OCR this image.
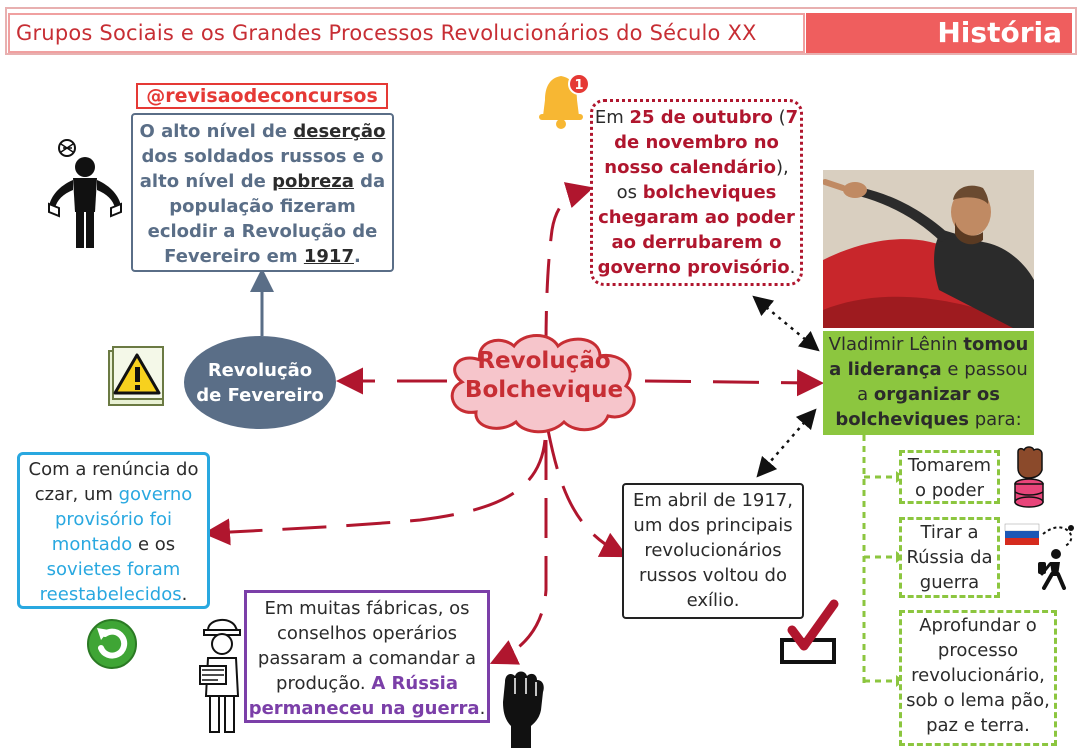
Grupos Sociais e os Grandes Processos Revolucionários do Século XX	História
@revisaodeconcursos
O alto nível de deserção dos soldados russos e o alto nível de pobreza da população fizeram eclodir a Revolução de Fevereiro em 1917.
1
Em 25 de outubro (7 de novembro no nosso calendário), os bolcheviques chegaram ao poder ao derrubarem o governo provisório.
Vladimir Lênin tomou a liderança e passou a organizar os bolcheviques para:
Revolução
de Fevereiro
Revolução
Bolchevique
Com a renúncia do czar, um governo provisório foi montado e os sovietes foram reestabelecidos.
Em muitas fábricas, os conselhos operários passaram a comandar a produção. A Rússia permaneceu na guerra.
Em abril de 1917, um dos principais revolucionários russos voltou do exílio.
Tomarem o poder
Tirar a Rússia da guerra
Aprofundar o processo revolucionário, sob o lema pão, paz e terra.
